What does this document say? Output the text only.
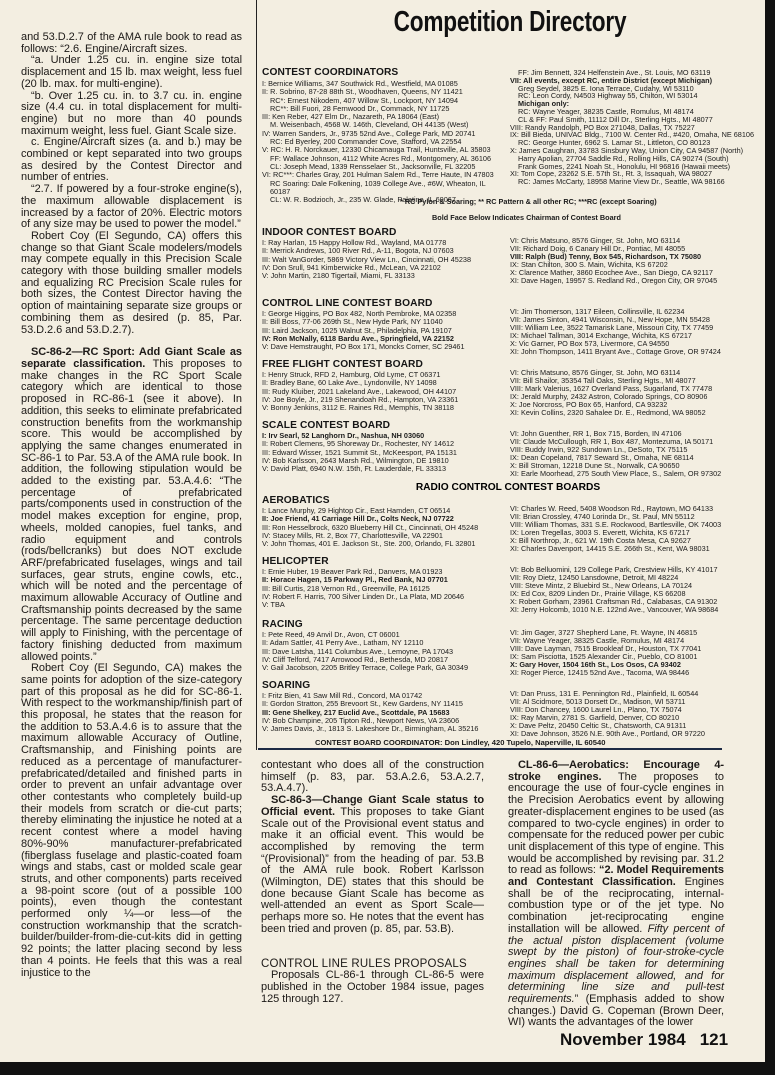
and 53.D.2.7 of the AMA rule book to read as follows: “2.6. Engine/Aircraft sizes.

“a. Under 1.25 cu. in. engine size total displacement and 15 lb. max weight, less fuel (20 lb. max. for multi-engine).

“b. Over 1.25 cu. in. to 3.7 cu. in. engine size (4.4 cu. in total displacement for multi-engine) but no more than 40 pounds maximum weight, less fuel. Giant Scale size.

c. Engine/Aircraft sizes (a. and b.) may be combined or kept separated into two groups as desired by the Contest Director and number of entries.

“2.7. If powered by a four-stroke engine(s), the maximum allowable displacement is increased by a factor of 20%. Electric motors of any size may be used to power the model.”

Robert Coy (El Segundo, CA) offers this change so that Giant Scale modelers/models may compete equally in this Precision Scale category with those building smaller models and equalizing RC Precision Scale rules for both sizes, the Contest Director having the option of maintaining separate size groups or combining them as desired (p. 85, Par. 53.D.2.6 and 53.D.2.7).

SC-86-2—RC Sport: Add Giant Scale as separate classification. This proposes to make changes in the RC Sport Scale category which are identical to those proposed in RC-86-1 (see it above). In addition, this seeks to eliminate prefabricated construction benefits from the workmanship score. This would be accomplished by applying the same changes enumerated in SC-86-1 to Par. 53.A of the AMA rule book. In addition, the following stipulation would be added to the existing par. 53.A.4.6: “The percentage of prefabricated parts/components used in construction of the model makes exception for engine, prop, wheels, molded canopies, fuel tanks, and radio equipment and controls (rods/bellcranks) but does NOT exclude ARF/prefabricated fuselages, wings and tail surfaces, gear struts, engine cowls, etc., which will be noted and the percentage of maximum allowable Accuracy of Outline and Craftsmanship points decreased by the same percentage. The same percentage deduction will apply to Finishing, with the percentage of factory finishing deducted from maximum allowed points.”

Robert Coy (El Segundo, CA) makes the same points for adoption of the size-category part of this proposal as he did for SC-86-1. With respect to the workmanship/finish part of this proposal, he states that the reason for the addition to 53.A.4.6 is to assure that the maximum allowable Accuracy of Outline, Craftsmanship, and Finishing points are reduced as a percentage of manufacturer-prefabricated/detailed and finished parts in order to prevent an unfair advantage over other contestants who completely build-up their models from scratch or die-cut parts; thereby eliminating the injustice he noted at a recent contest where a model having 80%-90% manufacturer-prefabricated (fiberglass fuselage and plastic-coated foam wings and stabs, cast or molded scale gear struts, and other components) parts received a 98-point score (out of a possible 100 points), even though the contestant performed only ¼—or less—of the construction workmanship that the scratch-builder/builder-from-die-cut-kits did in getting 92 points; the latter placing second by less than 4 points. He feels that this was a real injustice to the

Competition Directory
CONTEST COORDINATORS
I: Bernice Williams, 347 Southwick Rd., Westfield, MA 01085
II: R. Sobrino, 87-28 88th St., Woodhaven, Queens, NY 11421
RC*: Ernest Nikodem, 407 Willow St., Lockport, NY 14094
RC**: Bill Fuori, 28 Fernwood Dr., Commack, NY 11725
III: Ken Reber, 427 Elm Dr., Nazareth, PA 18064 (East)
M. Weisenbach, 4568 W. 146th, Cleveland, OH 44135 (West)
IV: Warren Sanders, Jr., 9735 52nd Ave., College Park, MD 20741
RC: Ed Byerley, 200 Commander Cove, Stafford, VA 22554
V: RC: H. R. Norckauer, 12330 Chicamauga Trail, Huntsville, AL 35803
FF: Wallace Johnson, 4112 White Acres Rd., Montgomery, AL 36106
CL: Joseph Mead, 1339 Rensselaer St., Jacksonville, FL 32205
VI: RC***: Charles Gray, 201 Hulman Salem Rd., Terre Haute, IN 47803
RC Soaring: Dale Folkening, 1039 College Ave., #6W, Wheaton, IL 60187
CL: W. R. Bodzioch, Jr., 235 W. Glade, Palatine, IL 60067
FF: Jim Bennett, 324 Helfenstein Ave., St. Louis, MO 63119
VII: All events, except RC, entire District (except Michigan)
Greg Seydel, 3825 E. Iona Terrace, Cudahy, WI 53110
RC: Leon Cordy, N4503 Highway 55, Chilton, WI 53014
Michigan only:
RC: Wayne Yeager, 38235 Castle, Romulus, MI 48174
CL & FF: Paul Smith, 11112 Dill Dr., Sterling Hgts., MI 48077
VIII: Randy Randolph, PO Box 271048, Dallas, TX 75227
IX: Bill Bieda, UNIVAC Bldg., 7100 W. Center Rd., #420, Omaha, NE 68106
RC: George Hunter, 6962 S. Lamar St., Littleton, CO 80123
X: James Caughran, 33783 Sinsbury Way, Union City, CA 94587 (North)
Harry Apolian, 27704 Saddle Rd., Rolling Hills, CA 90274 (South)
Frank Gomes, 2241 Noah St., Honolulu, HI 96816 (Hawaii meets)
XI: Tom Cope, 23262 S.E. 57th St., Rt. 3, Issaquah, WA 98027
RC: James McCarty, 18958 Marine View Dr., Seattle, WA 98166
* RC Pylon & Soaring; ** RC Pattern & all other RC; ***RC (except Soaring)
Bold Face Below Indicates Chairman of Contest Board
INDOOR CONTEST BOARD
I: Ray Harlan, 15 Happy Hollow Rd., Wayland, MA 01778
II: Merrick Andrews, 100 River Rd., A-11, Bogota, NJ 07603
III: Walt VanGorder, 5869 Victory View Ln., Cincinnati, OH 45238
IV: Don Srull, 941 Kimberwicke Rd., McLean, VA 22102
V: John Martin, 2180 Tigertail, Miami, FL 33133
VI: Chris Matsuno, 8576 Ginger, St. John, MO 63114
VII: Richard Doig, 6 Canary Hill Dr., Pontiac, MI 48055
VIII: Ralph (Bud) Tenny, Box 545, Richardson, TX 75080
IX: Stan Chilton, 300 S. Main, Wichita, KS 67202
X: Clarence Mather, 3860 Ecochee Ave., San Diego, CA 92117
XI: Dave Hagen, 19957 S. Redland Rd., Oregon City, OR 97045
CONTROL LINE CONTEST BOARD
I: George Higgins, PO Box 482, North Pembroke, MA 02358
II: Bill Boss, 77-06 269th St., New Hyde Park, NY 11040
III: Laird Jackson, 1025 Walnut St., Philadelphia, PA 19107
IV: Ron McNally, 6118 Bardu Ave., Springfield, VA 22152
V: Dave Hemstraught, PO Box 171, Moncks Corner, SC 29461
VI: Jim Thomerson, 1317 Eileen, Collinsville, IL 62234
VII: James Sinton, 4941 Wisconsin, N., New Hope, MN 55428
VIII: William Lee, 3522 Tamarisk Lane, Missouri City, TX 77459
IX: Michael Tallman, 3014 Exchange, Wichita, KS 67217
X: Vic Garner, PO Box 573, Livermore, CA 94550
XI: John Thompson, 1411 Bryant Ave., Cottage Grove, OR 97424
FREE FLIGHT CONTEST BOARD
I: Henry Struck, RFD 2, Hamburg, Old Lyme, CT 06371
II: Bradley Bane, 60 Lake Ave., Lyndonville, NY 14098
III: Rudy Kluiber, 2021 Lakeland Ave., Lakewood, OH 44107
IV: Joe Boyle, Jr., 219 Shenandoah Rd., Hampton, VA 23361
V: Bonny Jenkins, 3112 E. Raines Rd., Memphis, TN 38118
VI: Chris Matsuno, 8576 Ginger, St. John, MO 63114
VII: Bill Shailor, 35354 Tall Oaks, Sterling Hgts., MI 48077
VIII: Mark Valerius, 1627 Overland Pass, Sugarland, TX 77478
IX: Jerald Murphy, 2432 Astron, Colorado Springs, CO 80906
X: Joe Norcross, PO Box 65, Hanford, CA 93232
XI: Kevin Collins, 2320 Sahalee Dr. E., Redmond, WA 98052
SCALE CONTEST BOARD
I: Irv Searl, 52 Langhorn Dr., Nashua, NH 03060
II: Robert Clemens, 95 Shoreway Dr., Rochester, NY 14612
III: Edward Wisser, 1521 Summit St., McKeesport, PA 15131
IV: Bob Karlsson, 2643 Marsh Rd., Wilmington, DE 19810
V: David Platt, 6940 N.W. 15th, Ft. Lauderdale, FL 33313
VI: John Guenther, RR 1, Box 715, Borden, IN 47106
VII: Claude McCullough, RR 1, Box 487, Montezuma, IA 50171
VIII: Buddy Irwin, 922 Sundown Ln., DeSoto, TX 75115
IX: Dean Copeland, 7817 Seward St., Omaha, NE 68114
X: Bill Stroman, 12218 Dune St., Norwalk, CA 90650
XI: Earle Moorhead, 275 South View Place, S., Salem, OR 97302
AEROBATICS
I: Lance Murphy, 29 Hightop Cir., East Hamden, CT 06514
II: Joe Friend, 41 Carriage Hill Dr., Colts Neck, NJ 07722
III: Ron Hesselbrock, 6320 Blueberry Hill Ct., Cincinnati, OH 45248
IV: Stacey Mills, Rt. 2, Box 77, Charlottesville, VA 22901
V: John Thomas, 401 E. Jackson St., Ste. 200, Orlando, FL 32801
VI: Charles W. Reed, 5408 Woodson Rd., Raytown, MO 64133
VII: Brian Crossley, 4740 Lorinda Dr., St. Paul, MN 55112
VIII: William Thomas, 331 S.E. Rockwood, Bartlesville, OK 74003
IX: Loren Tregellas, 3003 S. Everett, Wichita, KS 67217
X: Bill Northrop, Jr., 621 W. 19th Costa Mesa, CA 92627
XI: Charles Davenport, 14415 S.E. 266th St., Kent, WA 98031
HELICOPTER
I: Ernie Huber, 19 Beaver Park Rd., Danvers, MA 01923
II: Horace Hagen, 15 Parkway Pl., Red Bank, NJ 07701
III: Bill Curtis, 218 Vernon Rd., Greenville, PA 16125
IV: Robert F. Harris, 700 Silver Linden Dr., La Plata, MD 20646
V: TBA
VI: Bob Belluomini, 129 College Park, Crestview Hills, KY 41017
VII: Roy Dietz, 12450 Lansdowne, Detroit, MI 48224
VIII: Steve Mintz, 2 Bluebird St., New Orleans, LA 70124
IX: Ed Cox, 8209 Linden Dr., Prairie Village, KS 66208
X: Robert Gorham, 23961 Craftsman Rd., Calabasas, CA 91302
XI: Jerry Holcomb, 1010 N.E. 122nd Ave., Vancouver, WA 98684
RACING
I: Pete Reed, 49 Anvil Dr., Avon, CT 06001
II: Adam Sattler, 41 Perry Ave., Latham, NY 12110
III: Dave Latsha, 1141 Columbus Ave., Lemoyne, PA 17043
IV: Cliff Telford, 7417 Arrowood Rd., Bethesda, MD 20817
V: Gail Jacobson, 2205 Britley Terrace, College Park, GA 30349
VI: Jim Gager, 3727 Shepherd Lane, Ft. Wayne, IN 46815
VII: Wayne Yeager, 38325 Castle, Romulus, MI 48174
VIII: Dave Layman, 7515 Brookleaf Dr., Houston, TX 77041
IX: Sam Pisciotta, 1525 Alexander Cir., Pueblo, CO 81001
X: Gary Hover, 1504 16th St., Los Osos, CA 93402
XI: Roger Pierce, 12415 52nd Ave., Tacoma, WA 98446
SOARING
I: Fritz Bien, 41 Saw Mill Rd., Concord, MA 01742
II: Gordon Stratton, 255 Brevoort St., Kew Gardens, NY 11415
III: Gene Shelkey, 217 Euclid Ave., Scottdale, PA 15683
IV: Bob Champine, 205 Tipton Rd., Newport News, VA 23606
V: James Davis, Jr., 1813 S. Lakeshore Dr., Birmingham, AL 35216
VI: Dan Pruss, 131 E. Pennington Rd., Plainfield, IL 60544
VII: Al Scidmore, 5013 Dorsett Dr., Madison, WI 53711
VIII: Don Chancey, 1600 Laurel Ln., Plano, TX 75074
IX: Ray Marvin, 2781 S. Garfield, Denver, CO 80210
X: Dave Peltz, 20450 Celtic St., Chatsworth, CA 91311
XI: Dave Johnson, 3526 N.E. 90th Ave., Portland, OR 97220
CONTEST BOARD COORDINATOR: Don Lindley, 420 Tupelo, Naperville, IL 60540
RADIO CONTROL CONTEST BOARDS

contestant who does all of the construction himself (p. 83, par. 53.A.2.6, 53.A.2.7, 53.A.4.7).

SC-86-3—Change Giant Scale status to Official event. This proposes to take Giant Scale out of the Provisional event status and make it an official event. This would be accomplished by removing the term “(Provisional)” from the heading of par. 53.B of the AMA rule book. Robert Karlsson (Wilmington, DE) states that this should be done because Giant Scale has become as well-attended an event as Sport Scale—perhaps more so. He notes that the event has been tried and proven (p. 85, par. 53.B).

CONTROL LINE RULES PROPOSALS

Proposals CL-86-1 through CL-86-5 were published in the October 1984 issue, pages 125 through 127.

CL-86-6—Aerobatics: Encourage 4-stroke engines. The proposes to encourage the use of four-cycle engines in the Precision Aerobatics event by allowing greater-displacement engines to be used (as compared to two-cycle engines) in order to compensate for the reduced power per cubic unit displacement of this type of engine. This would be accomplished by revising par. 31.2 to read as follows: “2. Model Requirements and Contestant Classification. Engines shall be of the reciprocating, internal-combustion type or of the jet type. No combination jet-reciprocating engine installation will be allowed. Fifty percent of the actual piston displacement (volume swept by the piston) of four-stroke-cycle engines shall be taken for determining maximum displacement allowed, and for determining line size and pull-test requirements.” (Emphasis added to show changes.) David G. Copeman (Brown Deer, WI) wants the advantages of the lower

November 1984 121
